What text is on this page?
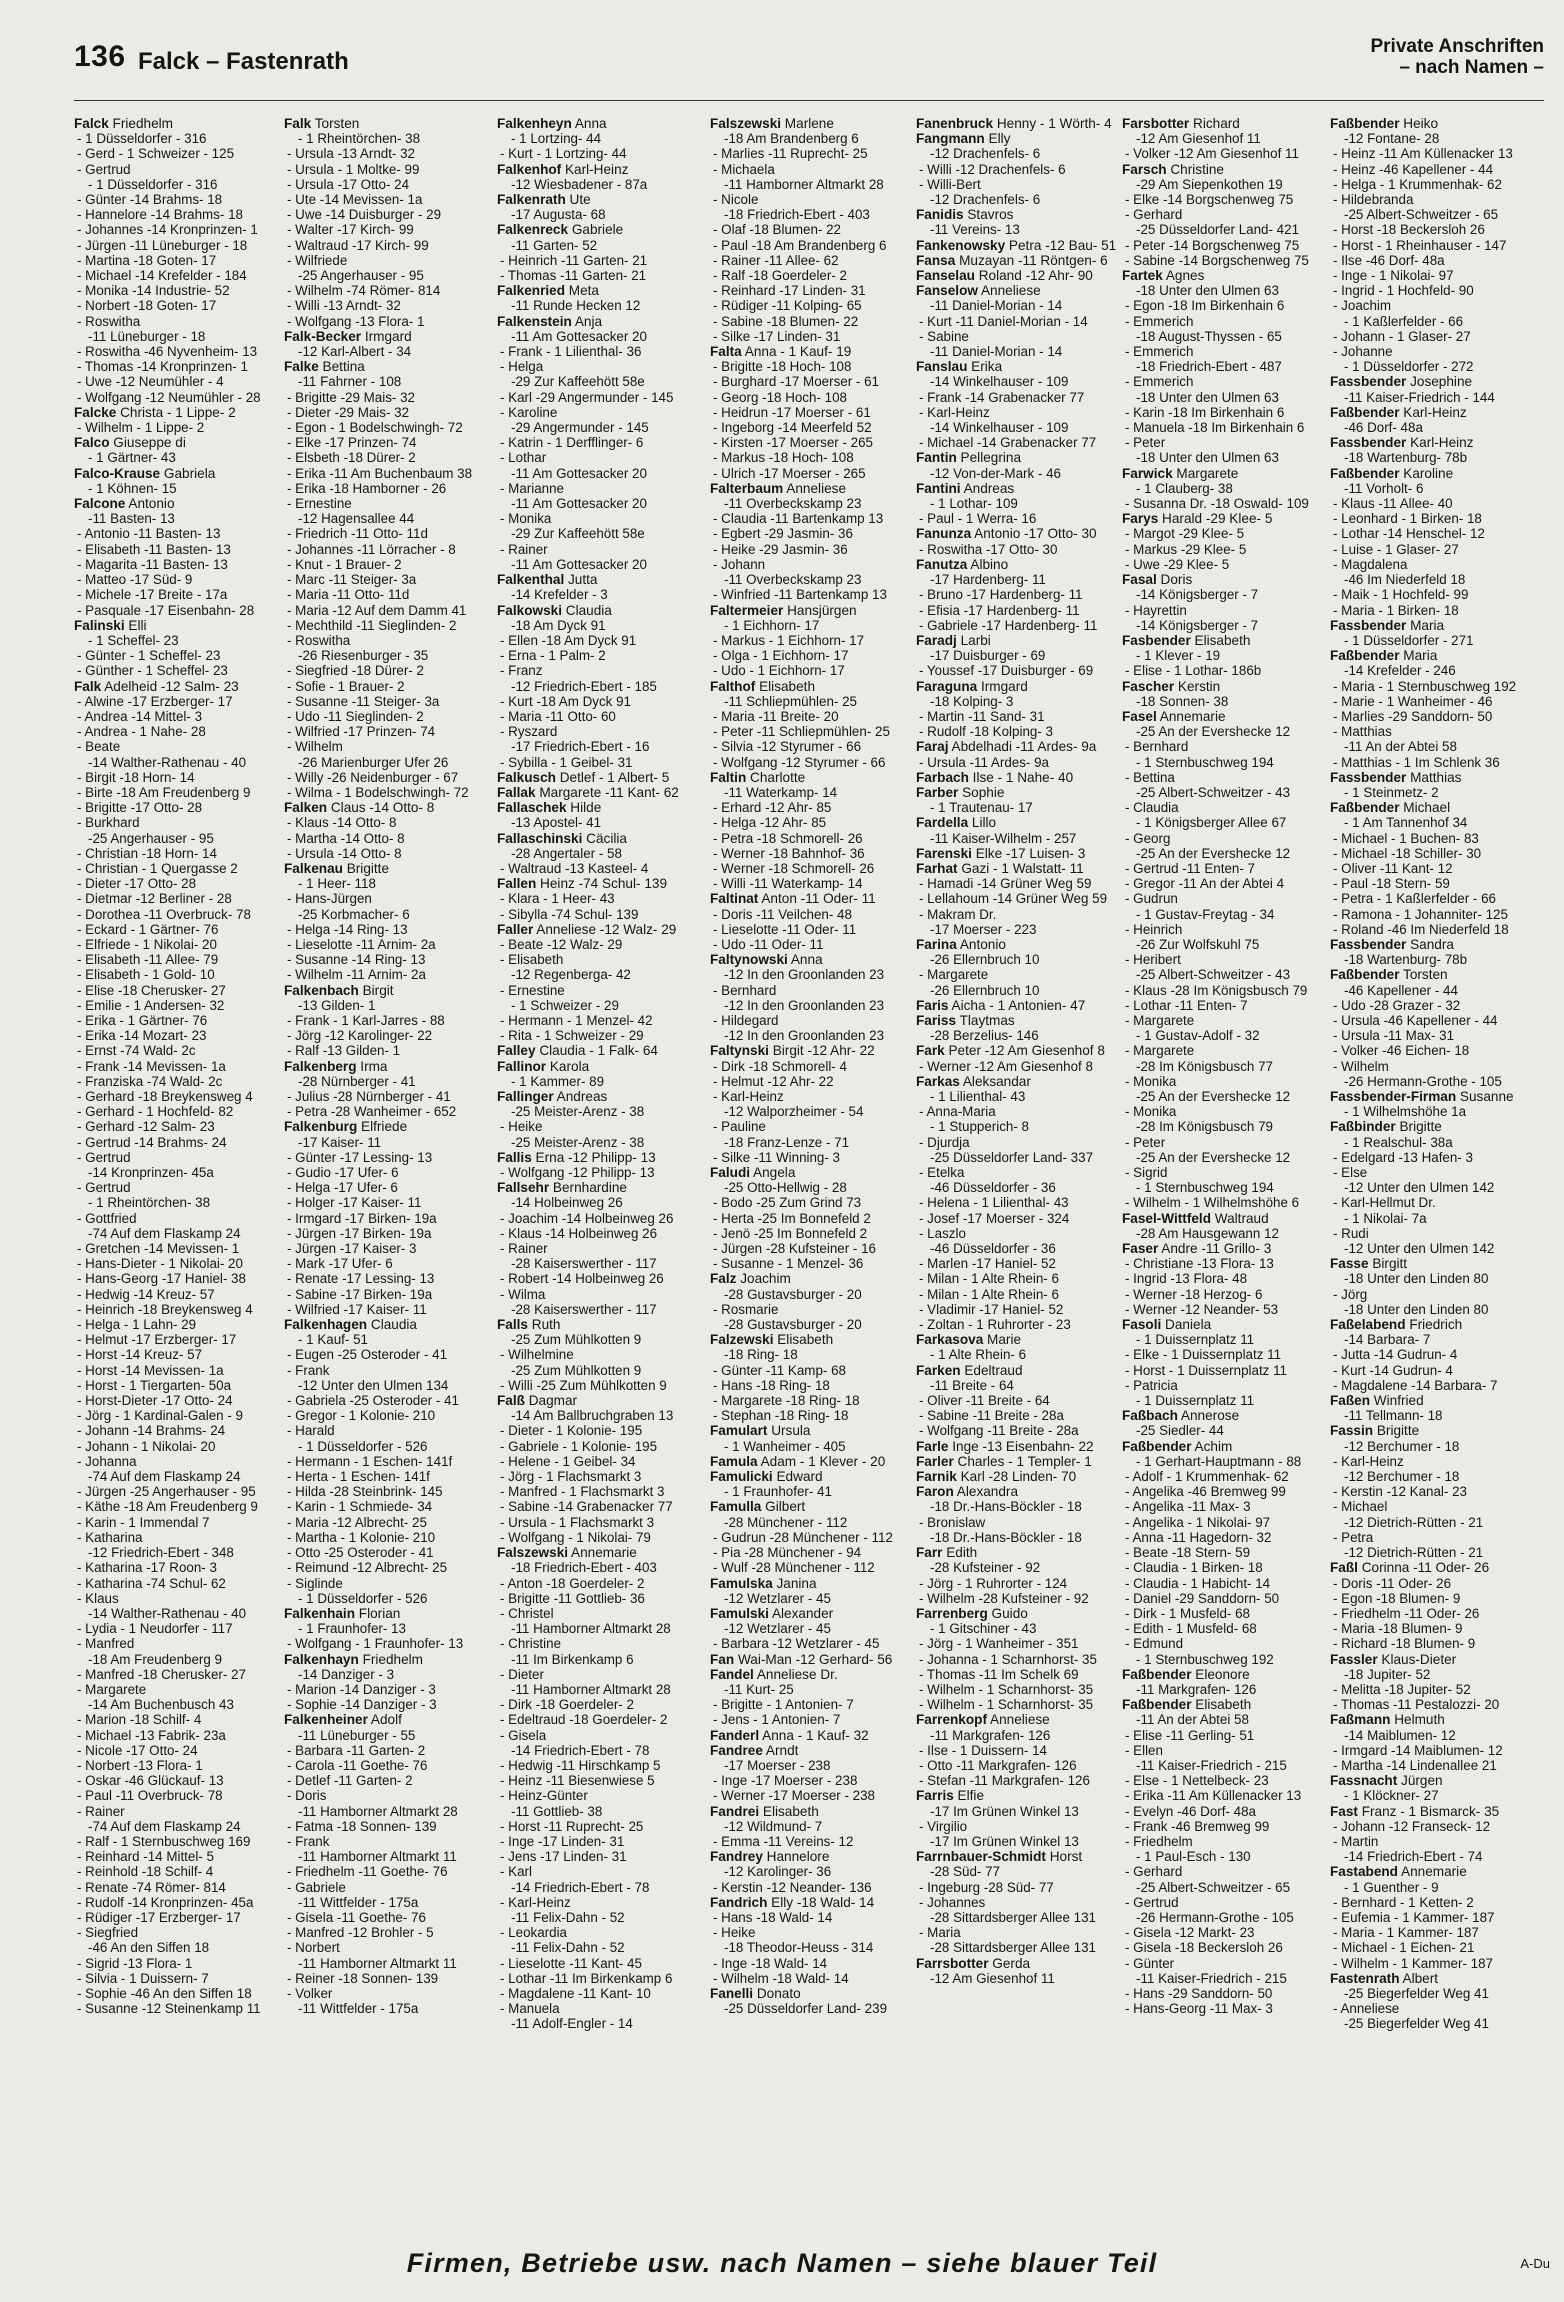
136 Falck – Fastenrath
Private Anschriften
– nach Namen –
Falck Friedhelm
- 1 Düsseldorfer - 316
- Gerd - 1 Schweizer - 125
- Gertrud
- 1 Düsseldorfer - 316
- Günter -14 Brahms- 18
- Hannelore -14 Brahms- 18
- Johannes -14 Kronprinzen- 1
- Jürgen -11 Lüneburger - 18
- Martina -18 Goten- 17
- Michael -14 Krefelder - 184
- Monika -14 Industrie- 52
- Norbert -18 Goten- 17
- Roswitha
-11 Lüneburger - 18
- Roswitha -46 Nyvenheim- 13
- Thomas -14 Kronprinzen- 1
- Uwe -12 Neumühler - 4
- Wolfgang -12 Neumühler - 28
Falcke Christa - 1 Lippe- 2
- Wilhelm - 1 Lippe- 2
Falco Giuseppe di
- 1 Gärtner- 43
Falco-Krause Gabriela
- 1 Köhnen- 15
Falcone Antonio
-11 Basten- 13
- Antonio -11 Basten- 13
- Elisabeth -11 Basten- 13
- Magarita -11 Basten- 13
- Matteo -17 Süd- 9
- Michele -17 Breite - 17a
- Pasquale -17 Eisenbahn- 28
Falinski Elli
- 1 Scheffel- 23
- Günter - 1 Scheffel- 23
- Günther - 1 Scheffel- 23
Falk Adelheid -12 Salm- 23
- Alwine -17 Erzberger- 17
- Andrea -14 Mittel- 3
- Andrea - 1 Nahe- 28
- Beate
-14 Walther-Rathenau - 40
- Birgit -18 Horn- 14
- Birte -18 Am Freudenberg 9
- Brigitte -17 Otto- 28
- Burkhard
-25 Angerhauser - 95
- Christian -18 Horn- 14
- Christian - 1 Quergasse 2
- Dieter -17 Otto- 28
- Dietmar -12 Berliner - 28
- Dorothea -11 Overbruck- 78
- Eckard - 1 Gärtner- 76
- Elfriede - 1 Nikolai- 20
- Elisabeth -11 Allee- 79
- Elisabeth - 1 Gold- 10
- Elise -18 Cherusker- 27
- Emilie - 1 Andersen- 32
- Erika - 1 Gärtner- 76
- Erika -14 Mozart- 23
- Ernst -74 Wald- 2c
- Frank -14 Mevissen- 1a
- Franziska -74 Wald- 2c
- Gerhard -18 Breykensweg 4
- Gerhard - 1 Hochfeld- 82
- Gerhard -12 Salm- 23
- Gertrud -14 Brahms- 24
- Gertrud
-14 Kronprinzen- 45a
- Gertrud
- 1 Rheintörchen- 38
- Gottfried
-74 Auf dem Flaskamp 24
- Gretchen -14 Mevissen- 1
- Hans-Dieter - 1 Nikolai- 20
- Hans-Georg -17 Haniel- 38
- Hedwig -14 Kreuz- 57
- Heinrich -18 Breykensweg 4
- Helga - 1 Lahn- 29
- Helmut -17 Erzberger- 17
- Horst -14 Kreuz- 57
- Horst -14 Mevissen- 1a
- Horst - 1 Tiergarten- 50a
- Horst-Dieter -17 Otto- 24
- Jörg - 1 Kardinal-Galen - 9
- Johann -14 Brahms- 24
- Johann - 1 Nikolai- 20
- Johanna
-74 Auf dem Flaskamp 24
- Jürgen -25 Angerhauser - 95
- Käthe -18 Am Freudenberg 9
- Karin - 1 Immendal 7
- Katharina
-12 Friedrich-Ebert - 348
- Katharina -17 Roon- 3
- Katharina -74 Schul- 62
- Klaus
-14 Walther-Rathenau - 40
- Lydia - 1 Neudorfer - 117
- Manfred
-18 Am Freudenberg 9
- Manfred -18 Cherusker- 27
- Margarete
-14 Am Buchenbusch 43
- Marion -18 Schilf- 4
- Michael -13 Fabrik- 23a
- Nicole -17 Otto- 24
- Norbert -13 Flora- 1
- Oskar -46 Glückauf- 13
- Paul -11 Overbruck- 78
- Rainer
-74 Auf dem Flaskamp 24
- Ralf - 1 Sternbuschweg 169
- Reinhard -14 Mittel- 5
- Reinhold -18 Schilf- 4
- Renate -74 Römer- 814
- Rudolf -14 Kronprinzen- 45a
- Rüdiger -17 Erzberger- 17
- Siegfried
-46 An den Siffen 18
- Sigrid -13 Flora- 1
- Silvia - 1 Duissern- 7
- Sophie -46 An den Siffen 18
- Susanne -12 Steinenkamp 11
Falk Torsten
- 1 Rheintörchen- 38
- Ursula -13 Arndt- 32
- Ursula - 1 Moltke- 99
- Ursula -17 Otto- 24
- Ute -14 Mevissen- 1a
- Uwe -14 Duisburger - 29
- Walter -17 Kirch- 99
- Waltraud -17 Kirch- 99
- Wilfriede
-25 Angerhauser - 95
- Wilhelm -74 Römer- 814
- Willi -13 Arndt- 32
- Wolfgang -13 Flora- 1
Falk-Becker Irmgard
-12 Karl-Albert - 34
Falke Bettina
-11 Fahrner - 108
- Brigitte -29 Mais- 32
- Dieter -29 Mais- 32
- Egon - 1 Bodelschwingh- 72
- Elke -17 Prinzen- 74
- Elsbeth -18 Dürer- 2
- Erika -11 Am Buchenbaum 38
- Erika -18 Hamborner - 26
- Ernestine
-12 Hagensallee 44
- Friedrich -11 Otto- 11d
- Johannes -11 Lörracher - 8
- Knut - 1 Brauer- 2
- Marc -11 Steiger- 3a
- Maria -11 Otto- 11d
- Maria -12 Auf dem Damm 41
- Mechthild -11 Sieglinden- 2
- Roswitha
-26 Riesenburger - 35
- Siegfried -18 Dürer- 2
- Sofie - 1 Brauer- 2
- Susanne -11 Steiger- 3a
- Udo -11 Sieglinden- 2
- Wilfried -17 Prinzen- 74
- Wilhelm
-26 Marienburger Ufer 26
- Willy -26 Neidenburger - 67
- Wilma - 1 Bodelschwingh- 72
Falken Claus -14 Otto- 8
- Klaus -14 Otto- 8
- Martha -14 Otto- 8
- Ursula -14 Otto- 8
Falkenau Brigitte
- 1 Heer- 118
- Hans-Jürgen
-25 Korbmacher- 6
- Helga -14 Ring- 13
- Lieselotte -11 Arnim- 2a
- Susanne -14 Ring- 13
- Wilhelm -11 Arnim- 2a
Falkenbach Birgit
-13 Gilden- 1
- Frank - 1 Karl-Jarres - 88
- Jörg -12 Karolinger- 22
- Ralf -13 Gilden- 1
Falkenberg Irma
-28 Nürnberger - 41
- Julius -28 Nürnberger - 41
- Petra -28 Wanheimer - 652
Falkenburg Elfriede
-17 Kaiser- 11
- Günter -17 Lessing- 13
- Gudio -17 Ufer- 6
- Helga -17 Ufer- 6
- Holger -17 Kaiser- 11
- Irmgard -17 Birken- 19a
- Jürgen -17 Birken- 19a
- Jürgen -17 Kaiser- 3
- Mark -17 Ufer- 6
- Renate -17 Lessing- 13
- Sabine -17 Birken- 19a
- Wilfried -17 Kaiser- 11
Falkenhagen Claudia
- 1 Kauf- 51
- Eugen -25 Osteroder - 41
- Frank
-12 Unter den Ulmen 134
- Gabriela -25 Osteroder - 41
- Gregor - 1 Kolonie- 210
- Harald
- 1 Düsseldorfer - 526
- Hermann - 1 Eschen- 141f
- Herta - 1 Eschen- 141f
- Hilda -28 Steinbrink- 145
- Karin - 1 Schmiede- 34
- Maria -12 Albrecht- 25
- Martha - 1 Kolonie- 210
- Otto -25 Osteroder - 41
- Reimund -12 Albrecht- 25
- Siglinde
- 1 Düsseldorfer - 526
Falkenhain Florian
- 1 Fraunhofer- 13
- Wolfgang - 1 Fraunhofer- 13
Falkenhayn Friedhelm
-14 Danziger - 3
- Marion -14 Danziger - 3
- Sophie -14 Danziger - 3
Falkenheiner Adolf
-11 Lüneburger - 55
- Barbara -11 Garten- 2
- Carola -11 Goethe- 76
- Detlef -11 Garten- 2
- Doris
-11 Hamborner Altmarkt 28
- Fatma -18 Sonnen- 139
- Frank
-11 Hamborner Altmarkt 11
- Friedhelm -11 Goethe- 76
- Gabriele
-11 Wittfelder - 175a
- Gisela -11 Goethe- 76
- Manfred -12 Brohler - 5
- Norbert
-11 Hamborner Altmarkt 11
- Reiner -18 Sonnen- 139
- Volker
-11 Wittfelder - 175a
Falkenheyn Anna
- 1 Lortzing- 44
- Kurt - 1 Lortzing- 44
Falkenhof Karl-Heinz
-12 Wiesbadener - 87a
Falkenrath Ute
-17 Augusta- 68
Falkenreck Gabriele
-11 Garten- 52
- Heinrich -11 Garten- 21
- Thomas -11 Garten- 21
Falkenried Meta
-11 Runde Hecken 12
Falkenstein Anja
-11 Am Gottesacker 20
- Frank - 1 Lilienthal- 36
- Helga
-29 Zur Kaffeehött 58e
- Karl -29 Angermunder - 145
- Karoline
-29 Angermunder - 145
- Katrin - 1 Derfflinger- 6
- Lothar
-11 Am Gottesacker 20
- Marianne
-11 Am Gottesacker 20
- Monika
-29 Zur Kaffeehött 58e
- Rainer
-11 Am Gottesacker 20
Falkenthal Jutta
-14 Krefelder - 3
Falkowski Claudia
-18 Am Dyck 91
- Ellen -18 Am Dyck 91
- Erna - 1 Palm- 2
- Franz
-12 Friedrich-Ebert - 185
- Kurt -18 Am Dyck 91
- Maria -11 Otto- 60
- Ryszard
-17 Friedrich-Ebert - 16
- Sybilla - 1 Geibel- 31
Falkusch Detlef - 1 Albert- 5
Fallak Margarete -11 Kant- 62
Fallaschek Hilde
-13 Apostel- 41
Fallaschinski Cäcilia
-28 Angertaler - 58
- Waltraud -13 Kasteel- 4
Fallen Heinz -74 Schul- 139
- Klara - 1 Heer- 43
- Sibylla -74 Schul- 139
Faller Anneliese -12 Walz- 29
- Beate -12 Walz- 29
- Elisabeth
-12 Regenberga- 42
- Ernestine
- 1 Schweizer - 29
- Hermann - 1 Menzel- 42
- Rita - 1 Schweizer - 29
Falley Claudia - 1 Falk- 64
Fallinor Karola
- 1 Kammer- 89
Fallinger Andreas
-25 Meister-Arenz - 38
- Heike
-25 Meister-Arenz - 38
Fallis Erna -12 Philipp- 13
- Wolfgang -12 Philipp- 13
Fallsehr Bernhardine
-14 Holbeinweg 26
- Joachim -14 Holbeinweg 26
- Klaus -14 Holbeinweg 26
- Rainer
-28 Kaiserswerther - 117
- Robert -14 Holbeinweg 26
- Wilma
-28 Kaiserswerther - 117
Falls Ruth
-25 Zum Mühlkotten 9
- Wilhelmine
-25 Zum Mühlkotten 9
- Willi -25 Zum Mühlkotten 9
Falß Dagmar
-14 Am Ballbruchgraben 13
- Dieter - 1 Kolonie- 195
- Gabriele - 1 Kolonie- 195
- Helene - 1 Geibel- 34
- Jörg - 1 Flachsmarkt 3
- Manfred - 1 Flachsmarkt 3
- Sabine -14 Grabenacker 77
- Ursula - 1 Flachsmarkt 3
- Wolfgang - 1 Nikolai- 79
Falszewski Annemarie
-18 Friedrich-Ebert - 403
- Anton -18 Goerdeler- 2
- Brigitte -11 Gottlieb- 36
- Christel
-11 Hamborner Altmarkt 28
- Christine
-11 Im Birkenkamp 6
- Dieter
-11 Hamborner Altmarkt 28
- Dirk -18 Goerdeler- 2
- Edeltraud -18 Goerdeler- 2
- Gisela
-14 Friedrich-Ebert - 78
- Hedwig -11 Hirschkamp 5
- Heinz -11 Biesenwiese 5
- Heinz-Günter
-11 Gottlieb- 38
- Horst -11 Ruprecht- 25
- Inge -17 Linden- 31
- Jens -17 Linden- 31
- Karl
-14 Friedrich-Ebert - 78
- Karl-Heinz
-11 Felix-Dahn - 52
- Leokardia
-11 Felix-Dahn - 52
- Lieselotte -11 Kant- 45
- Lothar -11 Im Birkenkamp 6
- Magdalene -11 Kant- 10
- Manuela
-11 Adolf-Engler - 14
Falszewski Marlene
-18 Am Brandenberg 6
- Marlies -11 Ruprecht- 25
- Michaela
-11 Hamborner Altmarkt 28
- Nicole
-18 Friedrich-Ebert - 403
- Olaf -18 Blumen- 22
- Paul -18 Am Brandenberg 6
- Rainer -11 Allee- 62
- Ralf -18 Goerdeler- 2
- Reinhard -17 Linden- 31
- Rüdiger -11 Kolping- 65
- Sabine -18 Blumen- 22
- Silke -17 Linden- 31
Falta Anna - 1 Kauf- 19
- Brigitte -18 Hoch- 108
- Burghard -17 Moerser - 61
- Georg -18 Hoch- 108
- Heidrun -17 Moerser - 61
- Ingeborg -14 Meerfeld 52
- Kirsten -17 Moerser - 265
- Markus -18 Hoch- 108
- Ulrich -17 Moerser - 265
Falterbaum Anneliese
-11 Overbeckskamp 23
- Claudia -11 Bartenkamp 13
- Egbert -29 Jasmin- 36
- Heike -29 Jasmin- 36
- Johann
-11 Overbeckskamp 23
- Winfried -11 Bartenkamp 13
Faltermeier Hansjürgen
- 1 Eichhorn- 17
- Markus - 1 Eichhorn- 17
- Olga - 1 Eichhorn- 17
- Udo - 1 Eichhorn- 17
Falthof Elisabeth
-11 Schliepmühlen- 25
- Maria -11 Breite- 20
- Peter -11 Schliepmühlen- 25
- Silvia -12 Styrumer - 66
- Wolfgang -12 Styrumer - 66
Faltin Charlotte
-11 Waterkamp- 14
- Erhard -12 Ahr- 85
- Helga -12 Ahr- 85
- Petra -18 Schmorell- 26
- Werner -18 Bahnhof- 36
- Werner -18 Schmorell- 26
- Willi -11 Waterkamp- 14
Faltinat Anton -11 Oder- 11
- Doris -11 Veilchen- 48
- Lieselotte -11 Oder- 11
- Udo -11 Oder- 11
Faltynowski Anna
-12 In den Groonlanden 23
- Bernhard
-12 In den Groonlanden 23
- Hildegard
-12 In den Groonlanden 23
Faltynski Birgit -12 Ahr- 22
- Dirk -18 Schmorell- 4
- Helmut -12 Ahr- 22
- Karl-Heinz
-12 Walporzheimer - 54
- Pauline
-18 Franz-Lenze - 71
- Silke -11 Winning- 3
Faludi Angela
-25 Otto-Hellwig - 28
- Bodo -25 Zum Grind 73
- Herta -25 Im Bonnefeld 2
- Jenö -25 Im Bonnefeld 2
- Jürgen -28 Kufsteiner - 16
- Susanne - 1 Menzel- 36
Falz Joachim
-28 Gustavsburger - 20
- Rosmarie
-28 Gustavsburger - 20
Falzewski Elisabeth
-18 Ring- 18
- Günter -11 Kamp- 68
- Hans -18 Ring- 18
- Margarete -18 Ring- 18
- Stephan -18 Ring- 18
Famulart Ursula
- 1 Wanheimer - 405
Famula Adam - 1 Klever - 20
Famulicki Edward
- 1 Fraunhofer- 41
Famulla Gilbert
-28 Münchener - 112
- Gudrun -28 Münchener - 112
- Pia -28 Münchener - 94
- Wulf -28 Münchener - 112
Famulska Janina
-12 Wetzlarer - 45
Famulski Alexander
-12 Wetzlarer - 45
- Barbara -12 Wetzlarer - 45
Fan Wai-Man -12 Gerhard- 56
Fandel Anneliese Dr.
-11 Kurt- 25
- Brigitte - 1 Antonien- 7
- Jens - 1 Antonien- 7
Fanderl Anna - 1 Kauf- 32
Fandree Arndt
-17 Moerser - 238
- Inge -17 Moerser - 238
- Werner -17 Moerser - 238
Fandrei Elisabeth
-12 Wildmund- 7
- Emma -11 Vereins- 12
Fandrey Hannelore
-12 Karolinger- 36
- Kerstin -12 Neander- 136
Fandrich Elly -18 Wald- 14
- Hans -18 Wald- 14
- Heike
-18 Theodor-Heuss - 314
- Inge -18 Wald- 14
- Wilhelm -18 Wald- 14
Fanelli Donato
-25 Düsseldorfer Land- 239
Fanenbruck Henny - 1 Wörth- 4
Fangmann Elly
-12 Drachenfels- 6
- Willi -12 Drachenfels- 6
- Willi-Bert
-12 Drachenfels- 6
Fanidis Stavros
-11 Vereins- 13
Fankenowsky Petra -12 Bau- 51
Fansa Muzayan -11 Röntgen- 6
Fanselau Roland -12 Ahr- 90
Fanselow Anneliese
-11 Daniel-Morian - 14
- Kurt -11 Daniel-Morian - 14
- Sabine
-11 Daniel-Morian - 14
Fanslau Erika
-14 Winkelhauser - 109
- Frank -14 Grabenacker 77
- Karl-Heinz
-14 Winkelhauser - 109
- Michael -14 Grabenacker 77
Fantin Pellegrina
-12 Von-der-Mark - 46
Fantini Andreas
- 1 Lothar- 109
- Paul - 1 Werra- 16
Fanunza Antonio -17 Otto- 30
- Roswitha -17 Otto- 30
Fanutza Albino
-17 Hardenberg- 11
- Bruno -17 Hardenberg- 11
- Efisia -17 Hardenberg- 11
- Gabriele -17 Hardenberg- 11
Faradj Larbi
-17 Duisburger - 69
- Youssef -17 Duisburger - 69
Faraguna Irmgard
-18 Kolping- 3
- Martin -11 Sand- 31
- Rudolf -18 Kolping- 3
Faraj Abdelhadi -11 Ardes- 9a
- Ursula -11 Ardes- 9a
Farbach Ilse - 1 Nahe- 40
Farber Sophie
- 1 Trautenau- 17
Fardella Lillo
-11 Kaiser-Wilhelm - 257
Farenski Elke -17 Luisen- 3
Farhat Gazi - 1 Walstatt- 11
- Hamadi -14 Grüner Weg 59
- Lellahoum -14 Grüner Weg 59
- Makram Dr.
-17 Moerser - 223
Farina Antonio
-26 Ellernbruch 10
- Margarete
-26 Ellernbruch 10
Faris Aicha - 1 Antonien- 47
Fariss Tlaytmas
-28 Berzelius- 146
Fark Peter -12 Am Giesenhof 8
- Werner -12 Am Giesenhof 8
Farkas Aleksandar
- 1 Lilienthal- 43
- Anna-Maria
- 1 Stupperich- 8
- Djurdja
-25 Düsseldorfer Land- 337
- Etelka
-46 Düsseldorfer - 36
- Helena - 1 Lilienthal- 43
- Josef -17 Moerser - 324
- Laszlo
-46 Düsseldorfer - 36
- Marlen -17 Haniel- 52
- Milan - 1 Alte Rhein- 6
- Milan - 1 Alte Rhein- 6
- Vladimir -17 Haniel- 52
- Zoltan - 1 Ruhrorter - 23
Farkasova Marie
- 1 Alte Rhein- 6
Farken Edeltraud
-11 Breite - 64
- Oliver -11 Breite - 64
- Sabine -11 Breite - 28a
- Wolfgang -11 Breite - 28a
Farle Inge -13 Eisenbahn- 22
Farler Charles - 1 Templer- 1
Farnik Karl -28 Linden- 70
Faron Alexandra
-18 Dr.-Hans-Böckler - 18
- Bronislaw
-18 Dr.-Hans-Böckler - 18
Farr Edith
-28 Kufsteiner - 92
- Jörg - 1 Ruhrorter - 124
- Wilhelm -28 Kufsteiner - 92
Farrenberg Guido
- 1 Gitschiner - 43
- Jörg - 1 Wanheimer - 351
- Johanna - 1 Scharnhorst- 35
- Thomas -11 Im Schelk 69
- Wilhelm - 1 Scharnhorst- 35
- Wilhelm - 1 Scharnhorst- 35
Farrenkopf Anneliese
-11 Markgrafen- 126
- Ilse - 1 Duissern- 14
- Otto -11 Markgrafen- 126
- Stefan -11 Markgrafen- 126
Farris Elfie
-17 Im Grünen Winkel 13
- Virgilio
-17 Im Grünen Winkel 13
Farrnbauer-Schmidt Horst
-28 Süd- 77
- Ingeburg -28 Süd- 77
- Johannes
-28 Sittardsberger Allee 131
- Maria
-28 Sittardsberger Allee 131
Farrsbotter Gerda
-12 Am Giesenhof 11
Farsbotter Richard
-12 Am Giesenhof 11
- Volker -12 Am Giesenhof 11
Farsch Christine
-29 Am Siepenkothen 19
- Elke -14 Borgschenweg 75
- Gerhard
-25 Düsseldorfer Land- 421
- Peter -14 Borgschenweg 75
- Sabine -14 Borgschenweg 75
Fartek Agnes
-18 Unter den Ulmen 63
- Egon -18 Im Birkenhain 6
- Emmerich
-18 August-Thyssen - 65
- Emmerich
-18 Friedrich-Ebert - 487
- Emmerich
-18 Unter den Ulmen 63
- Karin -18 Im Birkenhain 6
- Manuela -18 Im Birkenhain 6
- Peter
-18 Unter den Ulmen 63
Farwick Margarete
- 1 Clauberg- 38
- Susanna Dr. -18 Oswald- 109
Farys Harald -29 Klee- 5
- Margot -29 Klee- 5
- Markus -29 Klee- 5
- Uwe -29 Klee- 5
Fasal Doris
-14 Königsberger - 7
- Hayrettin
-14 Königsberger - 7
Fasbender Elisabeth
- 1 Klever - 19
- Elise - 1 Lothar- 186b
Fascher Kerstin
-18 Sonnen- 38
Fasel Annemarie
-25 An der Evershecke 12
- Bernhard
- 1 Sternbuschweg 194
- Bettina
-25 Albert-Schweitzer - 43
- Claudia
- 1 Königsberger Allee 67
- Georg
-25 An der Evershecke 12
- Gertrud -11 Enten- 7
- Gregor -11 An der Abtei 4
- Gudrun
- 1 Gustav-Freytag - 34
- Heinrich
-26 Zur Wolfskuhl 75
- Heribert
-25 Albert-Schweitzer - 43
- Klaus -28 Im Königsbusch 79
- Lothar -11 Enten- 7
- Margarete
- 1 Gustav-Adolf - 32
- Margarete
-28 Im Königsbusch 77
- Monika
-25 An der Evershecke 12
- Monika
-28 Im Königsbusch 79
- Peter
-25 An der Evershecke 12
- Sigrid
- 1 Sternbuschweg 194
- Wilhelm - 1 Wilhelmshöhe 6
Fasel-Wittfeld Waltraud
-28 Am Hausgewann 12
Faser Andre -11 Grillo- 3
- Christiane -13 Flora- 13
- Ingrid -13 Flora- 48
- Werner -18 Herzog- 6
- Werner -12 Neander- 53
Fasoli Daniela
- 1 Duissernplatz 11
- Elke - 1 Duissernplatz 11
- Horst - 1 Duissernplatz 11
- Patricia
- 1 Duissernplatz 11
Faßbach Annerose
-25 Siedler- 44
Faßbender Achim
- 1 Gerhart-Hauptmann - 88
- Adolf - 1 Krummenhak- 62
- Angelika -46 Bremweg 99
- Angelika -11 Max- 3
- Angelika - 1 Nikolai- 97
- Anna -11 Hagedorn- 32
- Beate -18 Stern- 59
- Claudia - 1 Birken- 18
- Claudia - 1 Habicht- 14
- Daniel -29 Sanddorn- 50
- Dirk - 1 Musfeld- 68
- Edith - 1 Musfeld- 68
- Edmund
- 1 Sternbuschweg 192
Faßbender Eleonore
-11 Markgrafen- 126
Faßbender Elisabeth
-11 An der Abtei 58
- Elise -11 Gerling- 51
- Ellen
-11 Kaiser-Friedrich - 215
- Else - 1 Nettelbeck- 23
- Erika -11 Am Küllenacker 13
- Evelyn -46 Dorf- 48a
- Frank -46 Bremweg 99
- Friedhelm
- 1 Paul-Esch - 130
- Gerhard
-25 Albert-Schweitzer - 65
- Gertrud
-26 Hermann-Grothe - 105
- Gisela -12 Markt- 23
- Gisela -18 Beckersloh 26
- Günter
-11 Kaiser-Friedrich - 215
- Hans -29 Sanddorn- 50
- Hans-Georg -11 Max- 3
Faßbender Heiko
-12 Fontane- 28
- Heinz -11 Am Küllenacker 13
- Heinz -46 Kapellener - 44
- Helga - 1 Krummenhak- 62
- Hildebranda
-25 Albert-Schweitzer - 65
- Horst -18 Beckersloh 26
- Horst - 1 Rheinhauser - 147
- Ilse -46 Dorf- 48a
- Inge - 1 Nikolai- 97
- Ingrid - 1 Hochfeld- 90
- Joachim
- 1 Kaßlerfelder - 66
- Johann - 1 Glaser- 27
- Johanne
- 1 Düsseldorfer - 272
Fassbender Josephine
-11 Kaiser-Friedrich - 144
Faßbender Karl-Heinz
-46 Dorf- 48a
Fassbender Karl-Heinz
-18 Wartenburg- 78b
Faßbender Karoline
-11 Vorholt- 6
- Klaus -11 Allee- 40
- Leonhard - 1 Birken- 18
- Lothar -14 Henschel- 12
- Luise - 1 Glaser- 27
- Magdalena
-46 Im Niederfeld 18
- Maik - 1 Hochfeld- 99
- Maria - 1 Birken- 18
Fassbender Maria
- 1 Düsseldorfer - 271
Faßbender Maria
-14 Krefelder - 246
- Maria - 1 Sternbuschweg 192
- Marie - 1 Wanheimer - 46
- Marlies -29 Sanddorn- 50
- Matthias
-11 An der Abtei 58
- Matthias - 1 Im Schlenk 36
Fassbender Matthias
- 1 Steinmetz- 2
Faßbender Michael
- 1 Am Tannenhof 34
- Michael - 1 Buchen- 83
- Michael -18 Schiller- 30
- Oliver -11 Kant- 12
- Paul -18 Stern- 59
- Petra - 1 Kaßlerfelder - 66
- Ramona - 1 Johanniter- 125
- Roland -46 Im Niederfeld 18
Fassbender Sandra
-18 Wartenburg- 78b
Faßbender Torsten
-46 Kapellener - 44
- Udo -28 Grazer - 32
- Ursula -46 Kapellener - 44
- Ursula -11 Max- 31
- Volker -46 Eichen- 18
- Wilhelm
-26 Hermann-Grothe - 105
Fassbender-Firman Susanne
- 1 Wilhelmshöhe 1a
Faßbinder Brigitte
- 1 Realschul- 38a
- Edelgard -13 Hafen- 3
- Else
-12 Unter den Ulmen 142
- Karl-Hellmut Dr.
- 1 Nikolai- 7a
- Rudi
-12 Unter den Ulmen 142
Fasse Birgitt
-18 Unter den Linden 80
- Jörg
-18 Unter den Linden 80
Faßelabend Friedrich
-14 Barbara- 7
- Jutta -14 Gudrun- 4
- Kurt -14 Gudrun- 4
- Magdalene -14 Barbara- 7
Faßen Winfried
-11 Tellmann- 18
Fassin Brigitte
-12 Berchumer - 18
- Karl-Heinz
-12 Berchumer - 18
- Kerstin -12 Kanal- 23
- Michael
-12 Dietrich-Rütten - 21
- Petra
-12 Dietrich-Rütten - 21
Faßl Corinna -11 Oder- 26
- Doris -11 Oder- 26
- Egon -18 Blumen- 9
- Friedhelm -11 Oder- 26
- Maria -18 Blumen- 9
- Richard -18 Blumen- 9
Fassler Klaus-Dieter
-18 Jupiter- 52
- Melitta -18 Jupiter- 52
- Thomas -11 Pestalozzi- 20
Faßmann Helmuth
-14 Maiblumen- 12
- Irmgard -14 Maiblumen- 12
- Martha -14 Lindenallee 21
Fassnacht Jürgen
- 1 Klöckner- 27
Fast Franz - 1 Bismarck- 35
- Johann -12 Franseck- 12
- Martin
-14 Friedrich-Ebert - 74
Fastabend Annemarie
- 1 Guenther - 9
- Bernhard - 1 Ketten- 2
- Eufemia - 1 Kammer- 187
- Maria - 1 Kammer- 187
- Michael - 1 Eichen- 21
- Wilhelm - 1 Kammer- 187
Fastenrath Albert
-25 Biegerfelder Weg 41
- Anneliese
-25 Biegerfelder Weg 41
Firmen, Betriebe usw. nach Namen – siehe blauer Teil	A-Du
